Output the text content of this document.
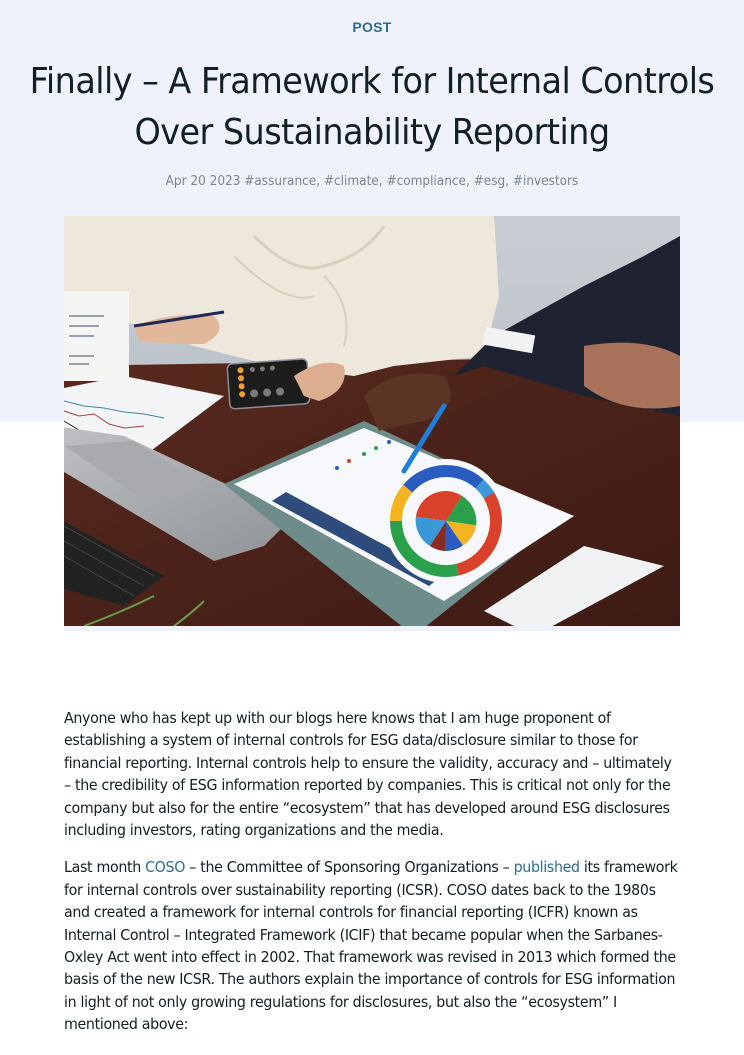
POST
Finally – A Framework for Internal Controls
Over Sustainability Reporting
Apr 20 2023 #assurance, #climate, #compliance, #esg, #investors

Anyone who has kept up with our blogs here knows that I am huge proponent of establishing a system of internal controls for ESG data/disclosure similar to those for financial reporting. Internal controls help to ensure the validity, accuracy and – ultimately – the credibility of ESG information reported by companies. This is critical not only for the company but also for the entire “ecosystem” that has developed around ESG disclosures including investors, rating organizations and the media.

Last month COSO – the Committee of Sponsoring Organizations – published its framework for internal controls over sustainability reporting (ICSR). COSO dates back to the 1980s and created a framework for internal controls for financial reporting (ICFR) known as Internal Control – Integrated Framework (ICIF) that became popular when the Sarbanes-Oxley Act went into effect in 2002. That framework was revised in 2013 which formed the basis of the new ICSR. The authors explain the importance of controls for ESG information in light of not only growing regulations for disclosures, but also the “ecosystem” I mentioned above:
